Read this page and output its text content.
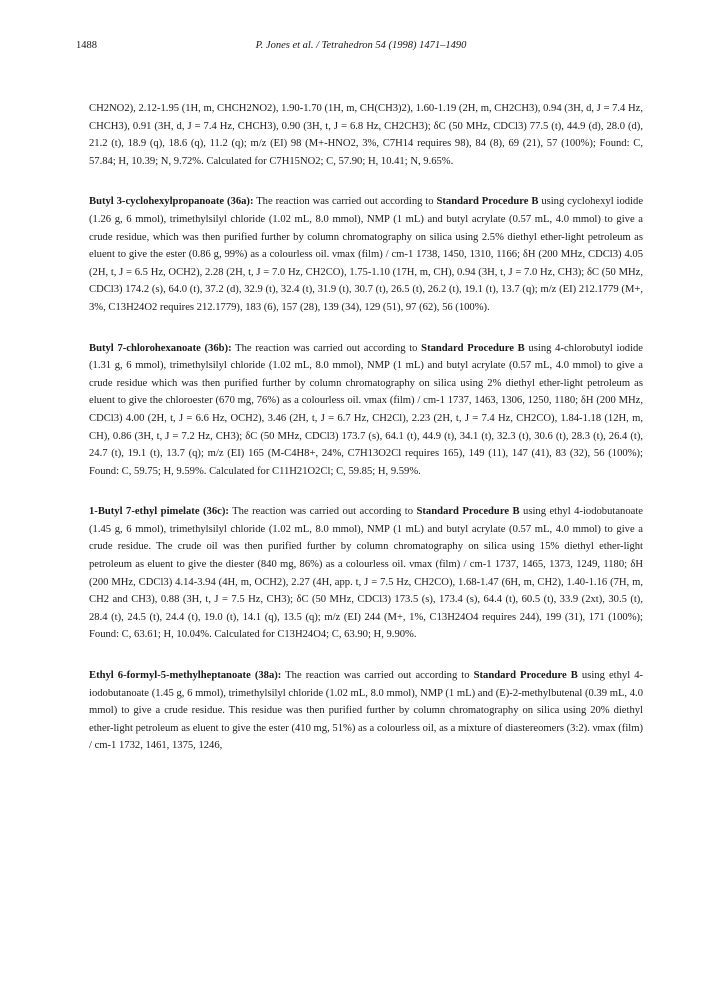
1488	P. Jones et al. / Tetrahedron 54 (1998) 1471–1490

CH2NO2), 2.12-1.95 (1H, m, CHCH2NO2), 1.90-1.70 (1H, m, CH(CH3)2), 1.60-1.19 (2H, m, CH2CH3), 0.94 (3H, d, J = 7.4 Hz, CHCH3), 0.91 (3H, d, J = 7.4 Hz, CHCH3), 0.90 (3H, t, J = 6.8 Hz, CH2CH3); δC (50 MHz, CDCl3) 77.5 (t), 44.9 (d), 28.0 (d), 21.2 (t), 18.9 (q), 18.6 (q), 11.2 (q); m/z (EI) 98 (M+-HNO2, 3%, C7H14 requires 98), 84 (8), 69 (21), 57 (100%); Found: C, 57.84; H, 10.39; N, 9.72%. Calculated for C7H15NO2; C, 57.90; H, 10.41; N, 9.65%.

Butyl 3-cyclohexylpropanoate (36a): The reaction was carried out according to Standard Procedure B using cyclohexyl iodide (1.26 g, 6 mmol), trimethylsilyl chloride (1.02 mL, 8.0 mmol), NMP (1 mL) and butyl acrylate (0.57 mL, 4.0 mmol) to give a crude residue, which was then purified further by column chromatography on silica using 2.5% diethyl ether-light petroleum as eluent to give the ester (0.86 g, 99%) as a colourless oil. νmax (film) / cm-1 1738, 1450, 1310, 1166; δH (200 MHz, CDCl3) 4.05 (2H, t, J = 6.5 Hz, OCH2), 2.28 (2H, t, J = 7.0 Hz, CH2CO), 1.75-1.10 (17H, m, CH), 0.94 (3H, t, J = 7.0 Hz, CH3); δC (50 MHz, CDCl3) 174.2 (s), 64.0 (t), 37.2 (d), 32.9 (t), 32.4 (t), 31.9 (t), 30.7 (t), 26.5 (t), 26.2 (t), 19.1 (t), 13.7 (q); m/z (EI) 212.1779 (M+, 3%, C13H24O2 requires 212.1779), 183 (6), 157 (28), 139 (34), 129 (51), 97 (62), 56 (100%).

Butyl 7-chlorohexanoate (36b): The reaction was carried out according to Standard Procedure B using 4-chlorobutyl iodide (1.31 g, 6 mmol), trimethylsilyl chloride (1.02 mL, 8.0 mmol), NMP (1 mL) and butyl acrylate (0.57 mL, 4.0 mmol) to give a crude residue which was then purified further by column chromatography on silica using 2% diethyl ether-light petroleum as eluent to give the chloroester (670 mg, 76%) as a colourless oil. νmax (film) / cm-1 1737, 1463, 1306, 1250, 1180; δH (200 MHz, CDCl3) 4.00 (2H, t, J = 6.6 Hz, OCH2), 3.46 (2H, t, J = 6.7 Hz, CH2Cl), 2.23 (2H, t, J = 7.4 Hz, CH2CO), 1.84-1.18 (12H, m, CH), 0.86 (3H, t, J = 7.2 Hz, CH3); δC (50 MHz, CDCl3) 173.7 (s), 64.1 (t), 44.9 (t), 34.1 (t), 32.3 (t), 30.6 (t), 28.3 (t), 26.4 (t), 24.7 (t), 19.1 (t), 13.7 (q); m/z (EI) 165 (M-C4H8+, 24%, C7H13O2Cl requires 165), 149 (11), 147 (41), 83 (32), 56 (100%); Found: C, 59.75; H, 9.59%. Calculated for C11H21O2Cl; C, 59.85; H, 9.59%.

1-Butyl 7-ethyl pimelate (36c): The reaction was carried out according to Standard Procedure B using ethyl 4-iodobutanoate (1.45 g, 6 mmol), trimethylsilyl chloride (1.02 mL, 8.0 mmol), NMP (1 mL) and butyl acrylate (0.57 mL, 4.0 mmol) to give a crude residue. The crude oil was then purified further by column chromatography on silica using 15% diethyl ether-light petroleum as eluent to give the diester (840 mg, 86%) as a colourless oil. νmax (film) / cm-1 1737, 1465, 1373, 1249, 1180; δH (200 MHz, CDCl3) 4.14-3.94 (4H, m, OCH2), 2.27 (4H, app. t, J = 7.5 Hz, CH2CO), 1.68-1.47 (6H, m, CH2), 1.40-1.16 (7H, m, CH2 and CH3), 0.88 (3H, t, J = 7.5 Hz, CH3); δC (50 MHz, CDCl3) 173.5 (s), 173.4 (s), 64.4 (t), 60.5 (t), 33.9 (2xt), 30.5 (t), 28.4 (t), 24.5 (t), 24.4 (t), 19.0 (t), 14.1 (q), 13.5 (q); m/z (EI) 244 (M+, 1%, C13H24O4 requires 244), 199 (31), 171 (100%); Found: C, 63.61; H, 10.04%. Calculated for C13H24O4; C, 63.90; H, 9.90%.

Ethyl 6-formyl-5-methylheptanoate (38a): The reaction was carried out according to Standard Procedure B using ethyl 4-iodobutanoate (1.45 g, 6 mmol), trimethylsilyl chloride (1.02 mL, 8.0 mmol), NMP (1 mL) and (E)-2-methylbutenal (0.39 mL, 4.0 mmol) to give a crude residue. This residue was then purified further by column chromatography on silica using 20% diethyl ether-light petroleum as eluent to give the ester (410 mg, 51%) as a colourless oil, as a mixture of diastereomers (3:2). νmax (film) / cm-1 1732, 1461, 1375, 1246,
